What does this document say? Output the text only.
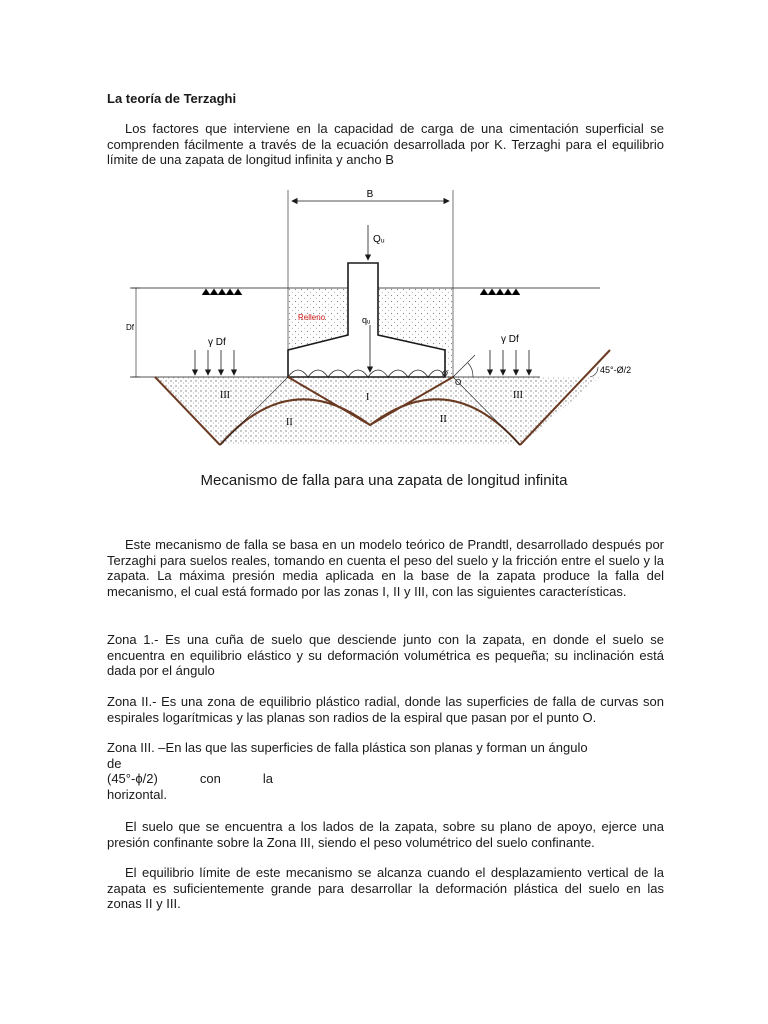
La teoría de Terzaghi

Los factores que interviene en la capacidad de carga de una cimentación superficial se comprenden fácilmente a través de la ecuación desarrollada por K. Terzaghi para el equilibrio límite de una zapata de longitud infinita y ancho B

B
Qᵤ
qᵤ
Relleno
Df
γ Df	γ Df
45°-Ø/2
Ø
O
III	I	III
II	II
Mecanismo de falla para una zapata de longitud infinita

Este mecanismo de falla se basa en un modelo teórico de Prandtl, desarrollado después por Terzaghi para suelos reales, tomando en cuenta el peso del suelo y la fricción entre el suelo y la zapata. La máxima presión media aplicada en la base de la zapata produce la falla del mecanismo, el cual está formado por las zonas I, II y III, con las siguientes características.

Zona 1.- Es una cuña de suelo que desciende junto con la zapata, en donde el suelo se encuentra en equilibrio elástico y su deformación volumétrica es pequeña; su inclinación está dada por el ángulo

Zona II.- Es una zona de equilibrio plástico radial, donde las superficies de falla de curvas son espirales logarítmicas y las planas son radios de la espiral que pasan por el punto O.

Zona III. –En las que las superficies de falla plástica son planas y forman un ángulo
de
(45°-ϕ/2)	con	la
horizontal.

El suelo que se encuentra a los lados de la zapata, sobre su plano de apoyo, ejerce una presión confinante sobre la Zona III, siendo el peso volumétrico del suelo confinante.

El equilibrio límite de este mecanismo se alcanza cuando el desplazamiento vertical de la zapata es suficientemente grande para desarrollar la deformación plástica del suelo en las zonas II y III.
